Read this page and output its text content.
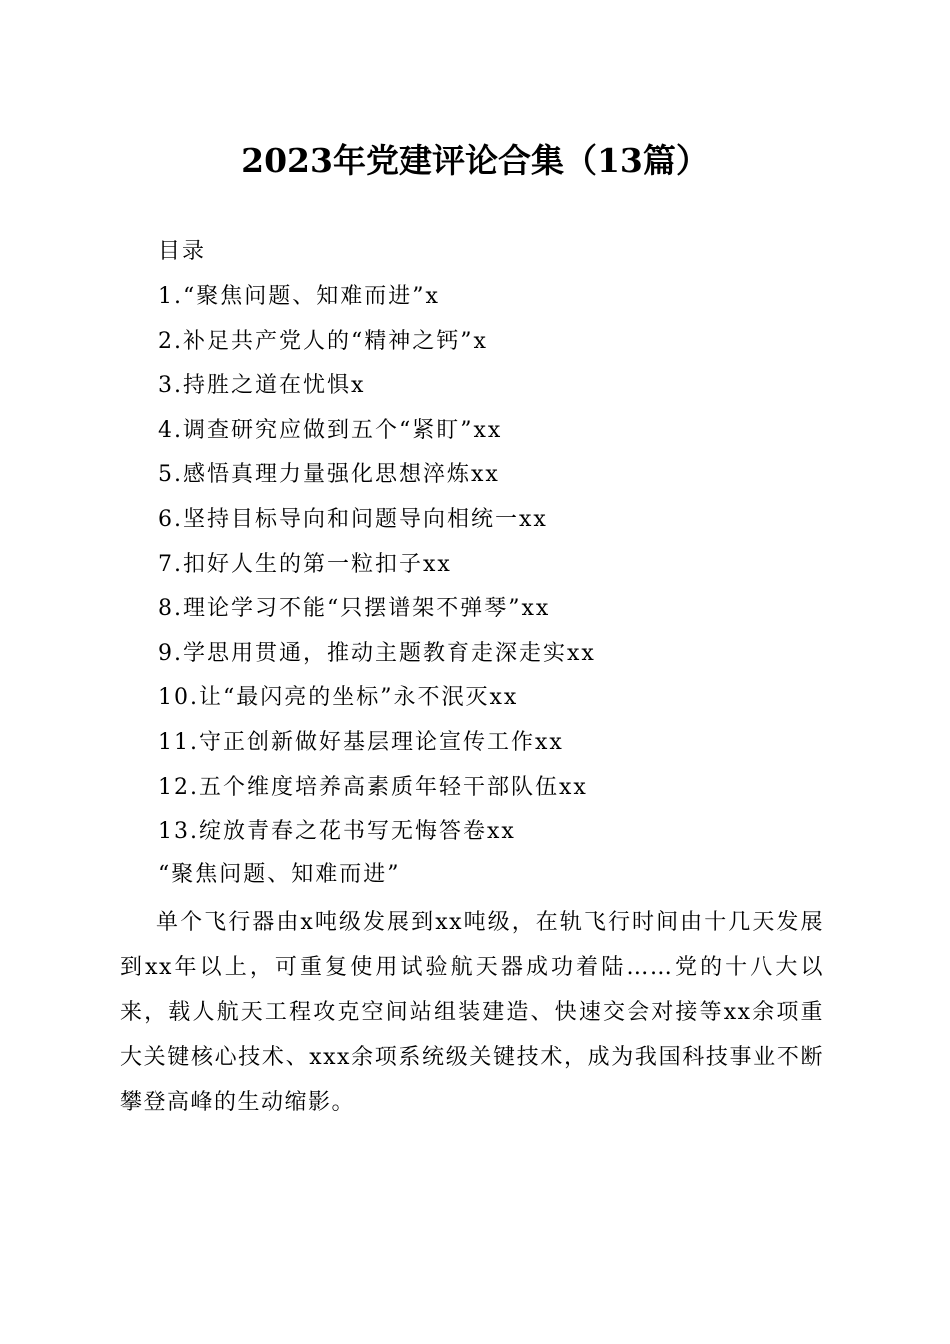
2023年党建评论合集（13篇）
目录
1.“聚焦问题、知难而进”x
2.补足共产党人的“精神之钙”x
3.持胜之道在忧惧x
4.调查研究应做到五个“紧盯”xx
5.感悟真理力量强化思想淬炼xx
6.坚持目标导向和问题导向相统一xx
7.扣好人生的第一粒扣子xx
8.理论学习不能“只摆谱架不弹琴”xx
9.学思用贯通，推动主题教育走深走实xx
10.让“最闪亮的坐标”永不泯灭xx
11.守正创新做好基层理论宣传工作xx
12.五个维度培养高素质年轻干部队伍xx
13.绽放青春之花书写无悔答卷xx
“聚焦问题、知难而进”

单个飞行器由x吨级发展到xx吨级，在轨飞行时间由十几天发展到xx年以上，可重复使用试验航天器成功着陆……党的十八大以来，载人航天工程攻克空间站组装建造、快速交会对接等xx余项重大关键核心技术、xxx余项系统级关键技术，成为我国科技事业不断攀登高峰的生动缩影。
